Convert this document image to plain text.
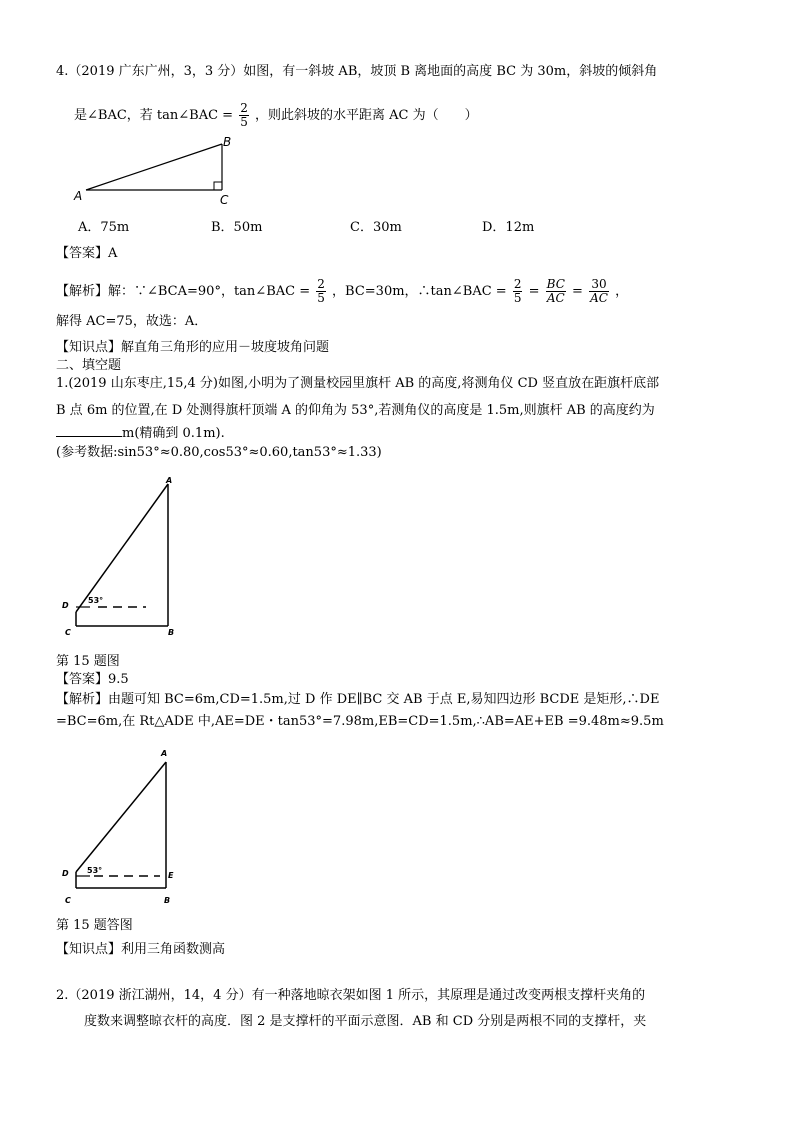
4.（2019 广东广州，3，3 分）如图，有一斜坡 AB，坡顶 B 离地面的高度 BC 为 30m，斜坡的倾斜角
是∠BAC，若 tan∠BAC = $\frac{2}{5}$ ，则此斜坡的水平距离 AC 为（　　）
A
B
C
A．75m	B．50m	C．30m	D．12m
【答案】A
【解析】解：∵∠BCA=90°，tan∠BAC = $\frac{2}{5}$ ，BC=30m，∴tan∠BAC = $\frac{2}{5} = \frac{BC}{AC} = \frac{30}{AC}$ ，
解得 AC=75，故选：A．
【知识点】解直角三角形的应用－坡度坡角问题
二、填空题
1.(2019 山东枣庄,15,4 分)如图,小明为了测量校园里旗杆 AB 的高度,将测角仪 CD 竖直放在距旗杆底部
B 点 6m 的位置,在 D 处测得旗杆顶端 A 的仰角为 53°,若测角仪的高度是 1.5m,则旗杆 AB 的高度约为
m(精确到 0.1m).
(参考数据:sin53°≈0.80,cos53°≈0.60,tan53°≈1.33)
A
D
C	B
53°
第 15 题图
【答案】9.5
【解析】由题可知 BC=6m,CD=1.5m,过 D 作 DE∥BC 交 AB 于点 E,易知四边形 BCDE 是矩形,∴DE
=BC=6m,在 Rt△ADE 中,AE=DE・tan53°=7.98m,EB=CD=1.5m,∴AB=AE+EB =9.48m≈9.5m
A
D
C	B
E
53°
第 15 题答图
【知识点】利用三角函数测高
2.（2019 浙江湖州，14，4 分）有一种落地晾衣架如图 1 所示，其原理是通过改变两根支撑杆夹角的
度数来调整晾衣杆的高度．图 2 是支撑杆的平面示意图．AB 和 CD 分别是两根不同的支撑杆，夹
